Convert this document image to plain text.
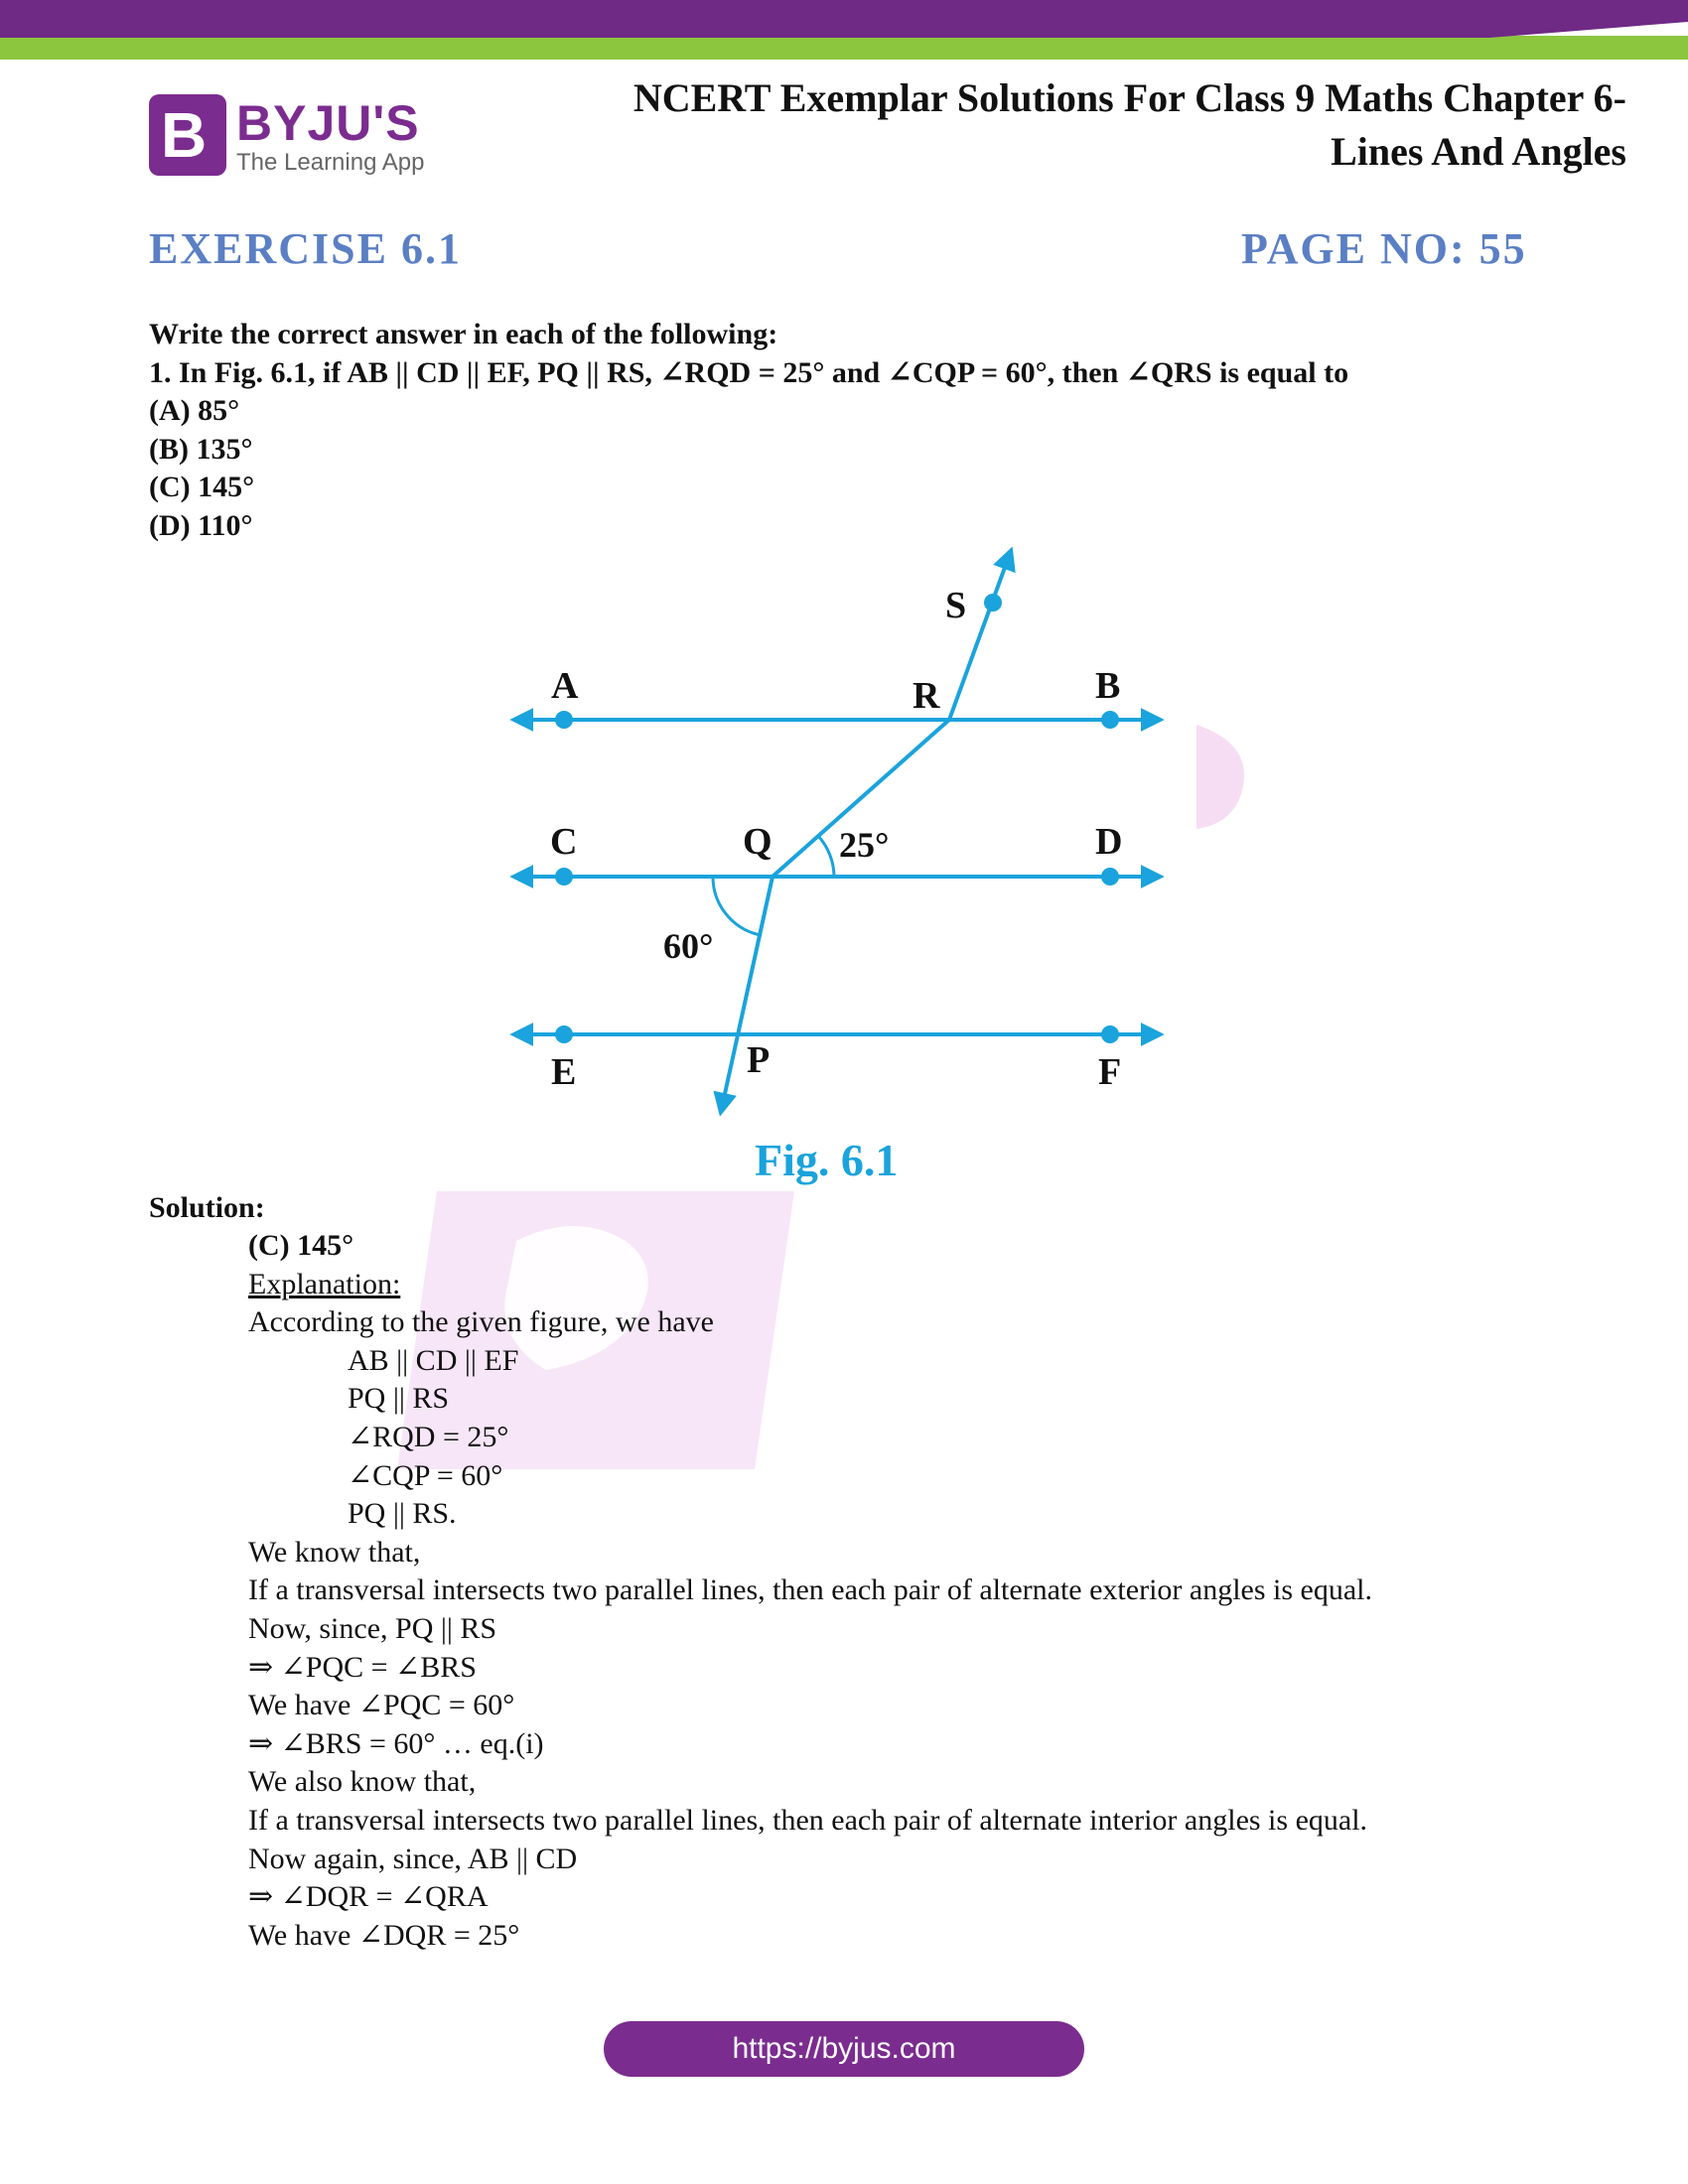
B BYJU'S
The Learning App
NCERT Exemplar Solutions For Class 9 Maths Chapter 6-
Lines And Angles
EXERCISE 6.1	PAGE NO: 55
Write the correct answer in each of the following:
1. In Fig. 6.1, if AB || CD || EF, PQ || RS, ∠RQD = 25° and ∠CQP = 60°, then ∠QRS is equal to
(A) 85°
(B) 135°
(C) 145°
(D) 110°
A	B
C	D
E	F
P
Q
R
S
25°
60°
Fig. 6.1
Solution:
(C) 145°
Explanation:
According to the given figure, we have
AB || CD || EF
PQ || RS
∠RQD = 25°
∠CQP = 60°
PQ || RS.
We know that,
If a transversal intersects two parallel lines, then each pair of alternate exterior angles is equal.
Now, since, PQ || RS
⇒ ∠PQC = ∠BRS
We have ∠PQC = 60°
⇒ ∠BRS = 60° … eq.(i)
We also know that,
If a transversal intersects two parallel lines, then each pair of alternate interior angles is equal.
Now again, since, AB || CD
⇒ ∠DQR = ∠QRA
We have ∠DQR = 25°
https://byjus.com
